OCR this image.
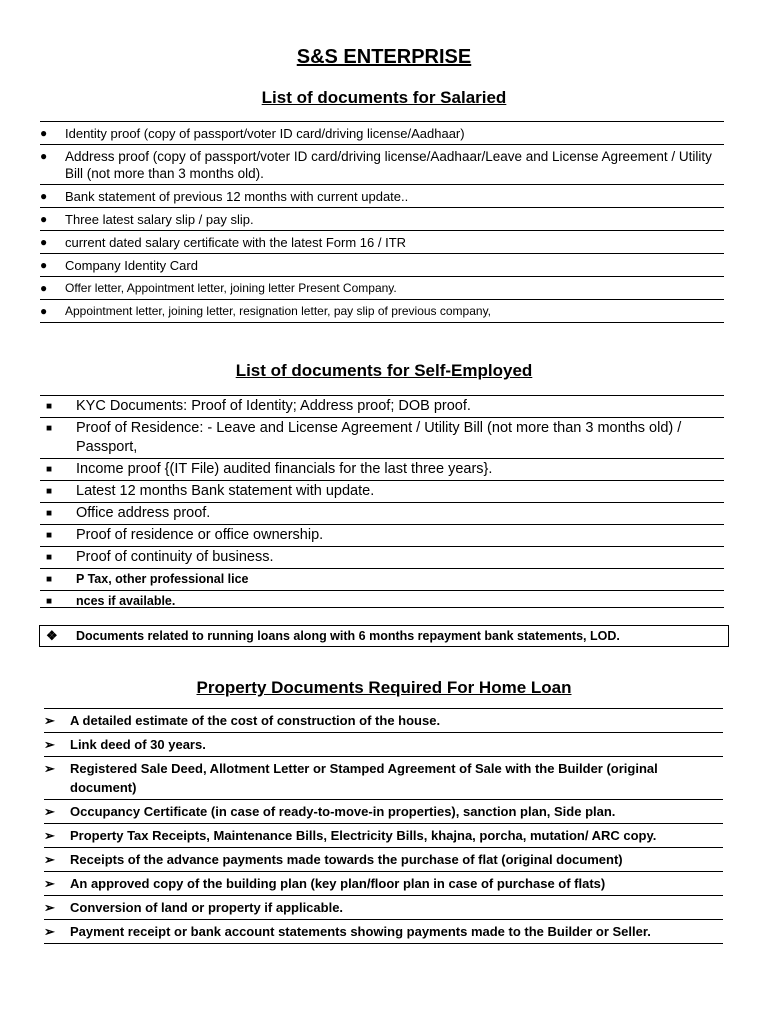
S&S ENTERPRISE
List of documents for Salaried
●	Identity proof (copy of passport/voter ID card/driving license/Aadhaar)
●	Address proof (copy of passport/voter ID card/driving license/Aadhaar/Leave and License Agreement / Utility Bill (not more than 3 months old).
●	Bank statement of previous 12 months with current update..
●	Three latest salary slip / pay slip.
●	current dated salary certificate with the latest Form 16 / ITR
●	Company Identity Card
●	Offer letter, Appointment letter, joining letter Present Company.
●	Appointment letter, joining letter, resignation letter, pay slip of previous company,
List of documents for Self-Employed
■	KYC Documents: Proof of Identity; Address proof; DOB proof.
■	Proof of Residence: - Leave and License Agreement / Utility Bill (not more than 3 months old) / Passport,
■	Income proof {(IT File) audited financials for the last three years}.
■	Latest 12 months Bank statement with update.
■	Office address proof.
■	Proof of residence or office ownership.
■	Proof of continuity of business.
■	P Tax, other professional lice
■	nces if available.
❖	Documents related to running loans along with 6 months repayment bank statements, LOD.
Property Documents Required For Home Loan
➢	A detailed estimate of the cost of construction of the house.
➢	Link deed of 30 years.
➢	Registered Sale Deed, Allotment Letter or Stamped Agreement of Sale with the Builder (original document)
➢	Occupancy Certificate (in case of ready-to-move-in properties), sanction plan, Side plan.
➢	Property Tax Receipts, Maintenance Bills, Electricity Bills, khajna, porcha, mutation/ ARC copy.
➢	Receipts of the advance payments made towards the purchase of flat (original document)
➢	An approved copy of the building plan (key plan/floor plan in case of purchase of flats)
➢	Conversion of land or property if applicable.
➢	Payment receipt or bank account statements showing payments made to the Builder or Seller.
